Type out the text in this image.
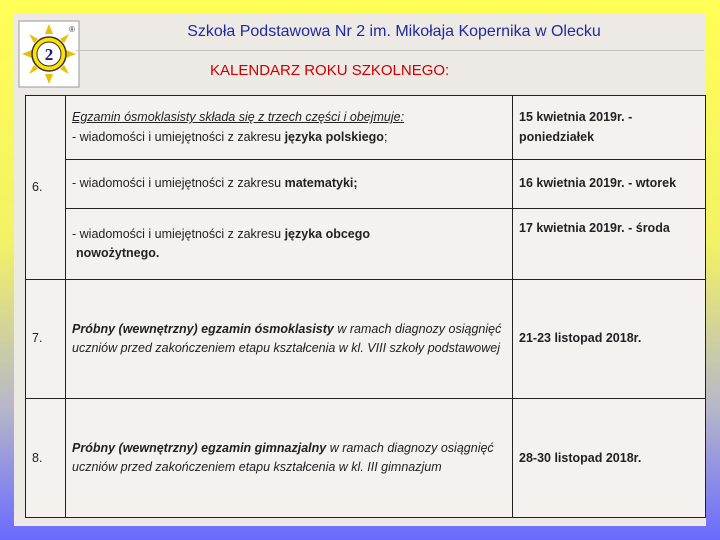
2
®	Szkoła Podstawowa Nr 2 im. Mikołaja Kopernika w Olecku
KALENDARZ ROKU SZKOLNEGO:
6.	Egzamin ósmoklasisty składa się z trzech części i obejmuje:
- wiadomości i umiejętności z zakresu języka polskiego;	15 kwietnia 2019r. - poniedziałek
	- wiadomości i umiejętności z zakresu matematyki;	16 kwietnia 2019r. - wtorek
	- wiadomości i umiejętności z zakresu języka obcego
nowożytnego.	17 kwietnia 2019r. - środa
7.	Próbny (wewnętrzny) egzamin ósmoklasisty w ramach diagnozy osiągnięć uczniów przed zakończeniem etapu kształcenia w kl. VIII szkoły podstawowej	21-23 listopad 2018r.
8.	Próbny (wewnętrzny) egzamin gimnazjalny w ramach diagnozy osiągnięć uczniów przed zakończeniem etapu kształcenia w kl. III gimnazjum	28-30 listopad 2018r.
